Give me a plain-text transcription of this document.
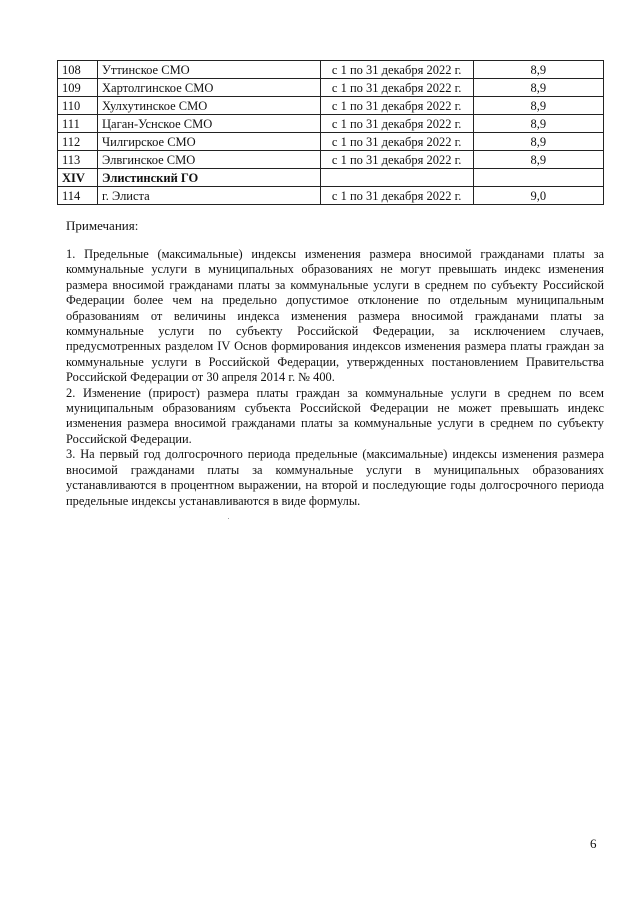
108	Уттинское СМО	с 1 по 31 декабря 2022 г.	8,9
109	Хартолгинское СМО	с 1 по 31 декабря 2022 г.	8,9
110	Хулхутинское СМО	с 1 по 31 декабря 2022 г.	8,9
111	Цаган-Уснское СМО	с 1 по 31 декабря 2022 г.	8,9
112	Чилгирское СМО	с 1 по 31 декабря 2022 г.	8,9
113	Элвгинское СМО	с 1 по 31 декабря 2022 г.	8,9
XIV	Элистинский ГО		
114	г. Элиста	с 1 по 31 декабря 2022 г.	9,0
Примечания:

1. Предельные (максимальные) индексы изменения размера вносимой гражданами платы за коммунальные услуги в муниципальных образованиях не могут превышать индекс изменения размера вносимой гражданами платы за коммунальные услуги в среднем по субъекту Российской Федерации более чем на предельно допустимое отклонение по отдельным муниципальным образованиям от величины индекса изменения размера вносимой гражданами платы за коммунальные услуги по субъекту Российской Федерации, за исключением случаев, предусмотренных разделом IV Основ формирования индексов изменения размера платы граждан за коммунальные услуги в Российской Федерации, утвержденных постановлением Правительства Российской Федерации от 30 апреля 2014 г. № 400.

2. Изменение (прирост) размера платы граждан за коммунальные услуги в среднем по всем муниципальным образованиям субъекта Российской Федерации не может превышать индекс изменения размера вносимой гражданами платы за коммунальные услуги в среднем по субъекту Российской Федерации.

3. На первый год долгосрочного периода предельные (максимальные) индексы изменения размера вносимой гражданами платы за коммунальные услуги в муниципальных образованиях устанавливаются в процентном выражении, на второй и последующие годы долгосрочного периода предельные индексы устанавливаются в виде формулы.

6
